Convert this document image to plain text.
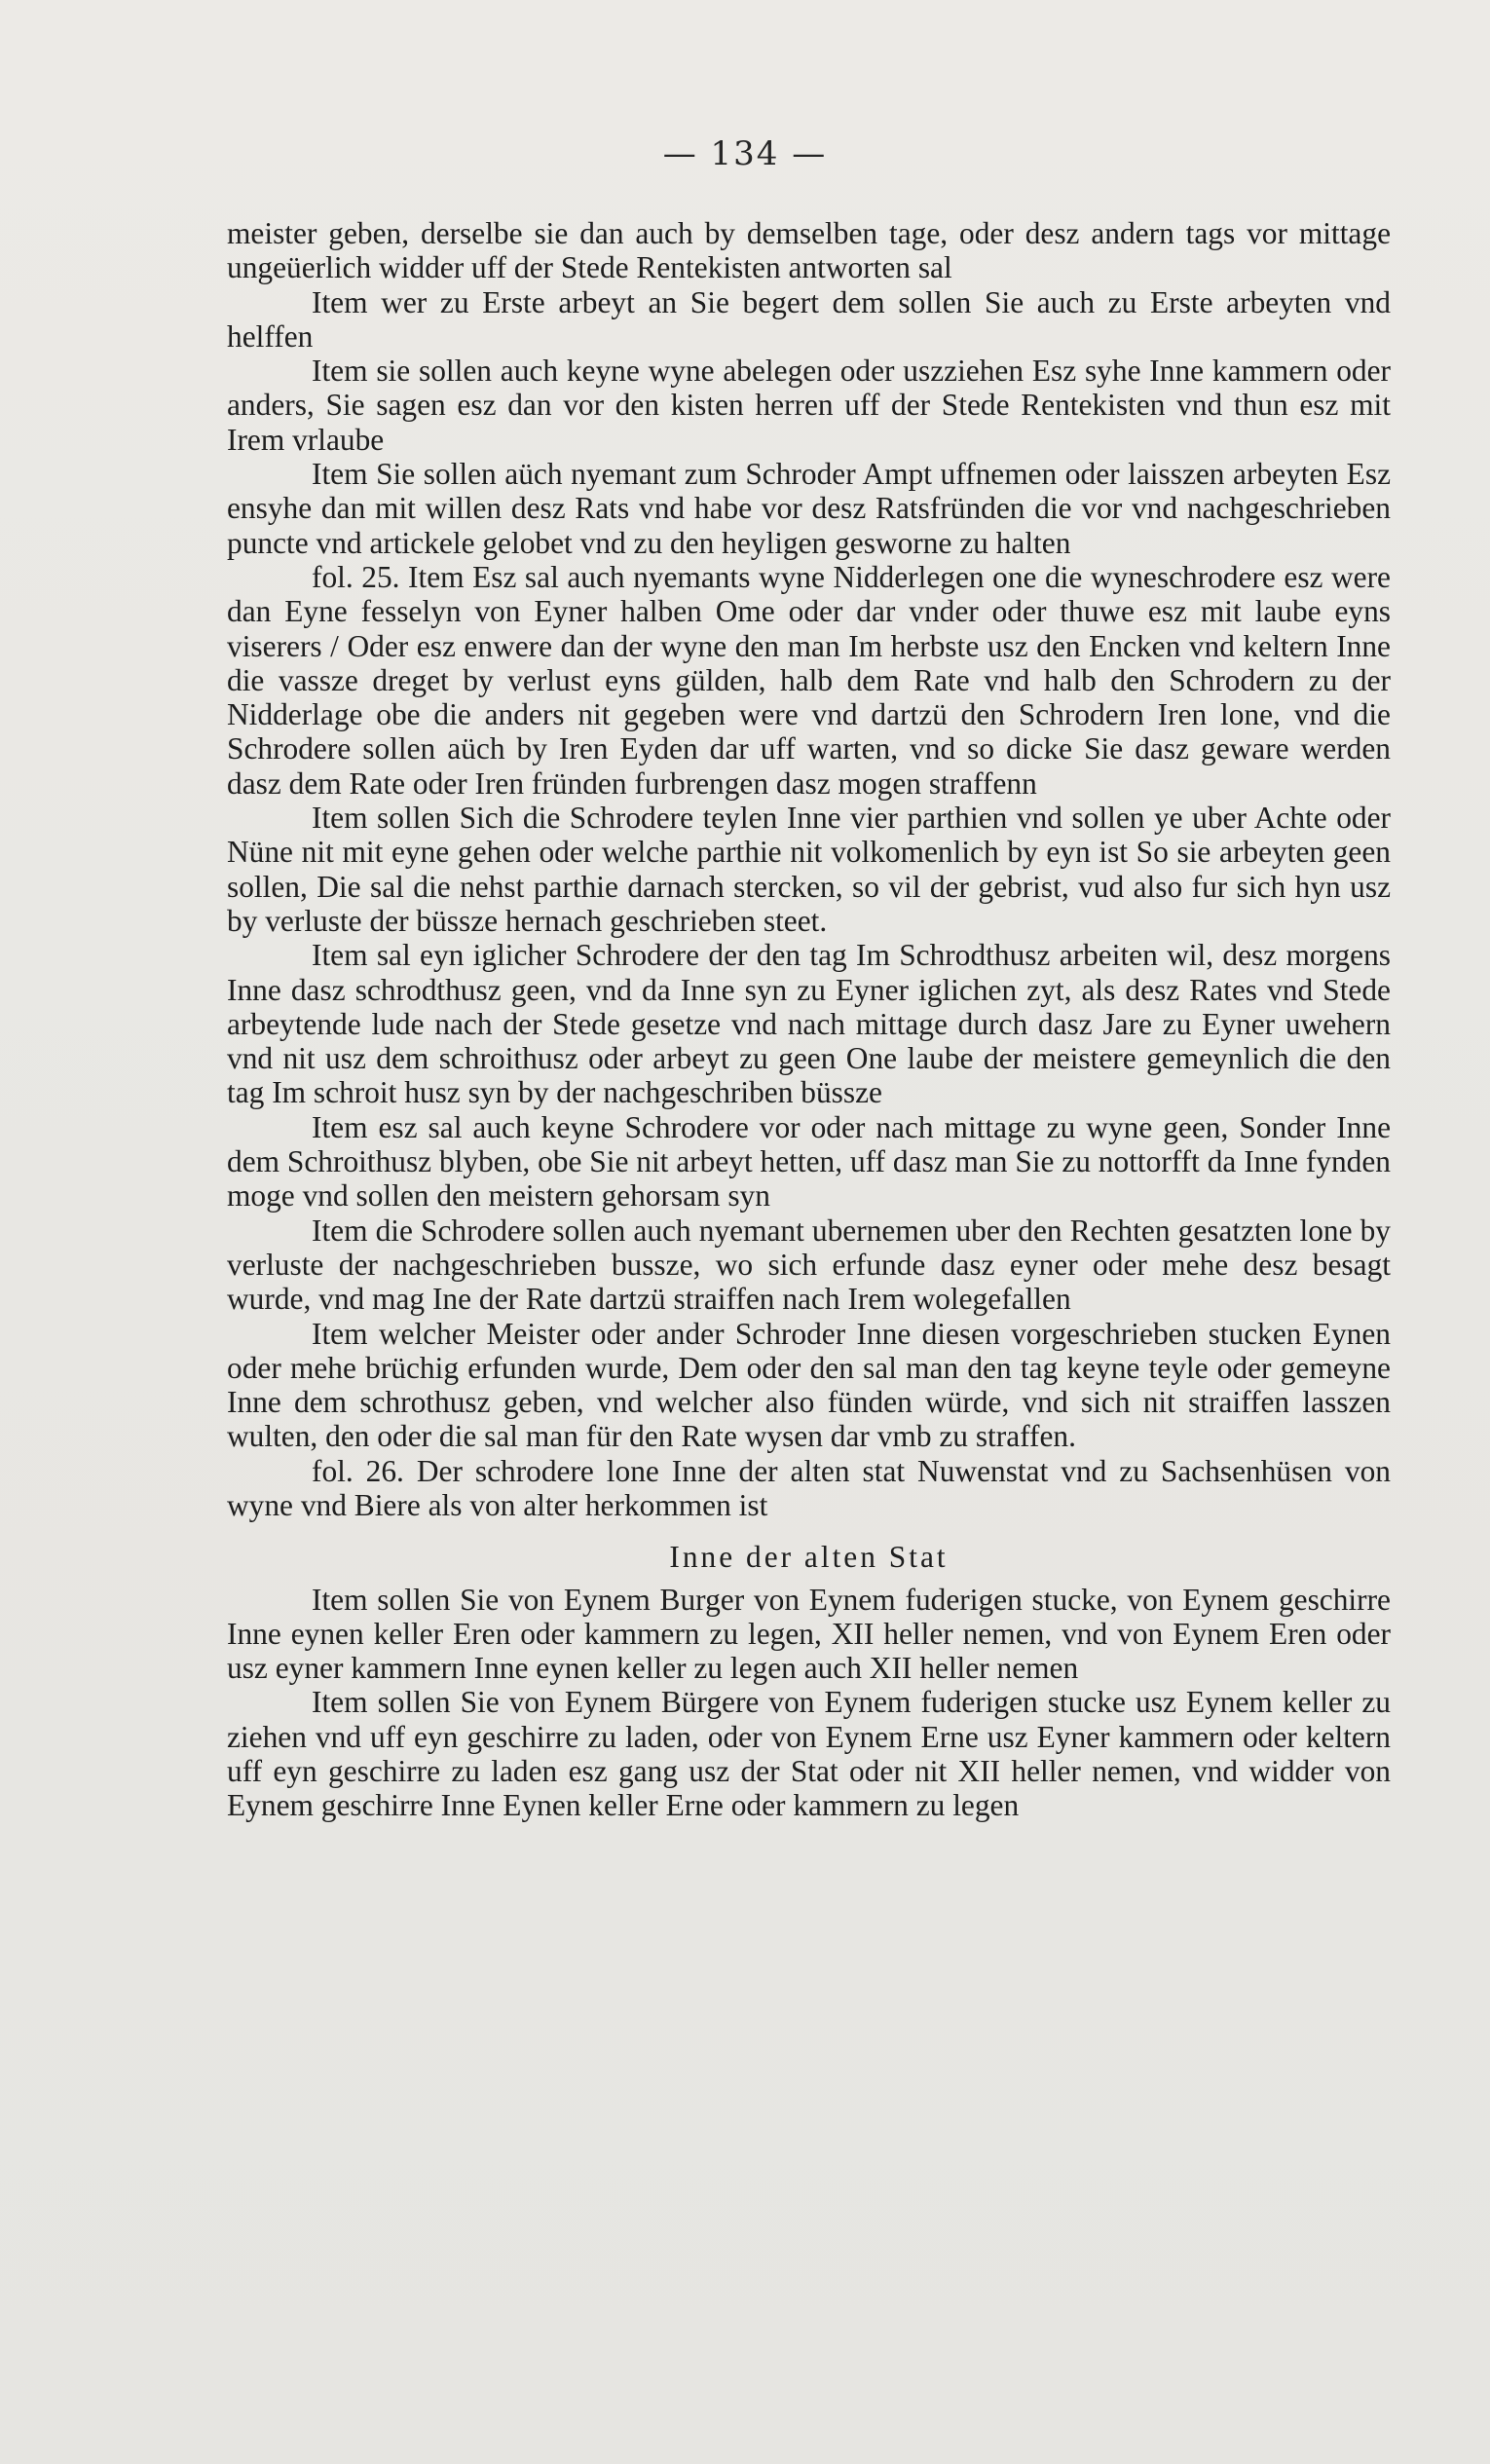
— 134 —

meister geben, derselbe sie dan auch by demselben tage, oder desz andern tags vor mittage ungeüerlich widder uff der Stede Rentekisten antworten sal

Item wer zu Erste arbeyt an Sie begert dem sollen Sie auch zu Erste arbeyten vnd helffen

Item sie sollen auch keyne wyne abelegen oder uszziehen Esz syhe Inne kammern oder anders, Sie sagen esz dan vor den kisten herren uff der Stede Rentekisten vnd thun esz mit Irem vrlaube

Item Sie sollen aüch nyemant zum Schroder Ampt uffnemen oder laisszen arbeyten Esz ensyhe dan mit willen desz Rats vnd habe vor desz Ratsfründen die vor vnd nachgeschrieben puncte vnd artickele gelobet vnd zu den heyligen gesworne zu halten

fol. 25. Item Esz sal auch nyemants wyne Nidderlegen one die wyneschrodere esz were dan Eyne fesselyn von Eyner halben Ome oder dar vnder oder thuwe esz mit laube eyns viserers / Oder esz enwere dan der wyne den man Im herbste usz den Encken vnd keltern Inne die vassze dreget by verlust eyns gülden, halb dem Rate vnd halb den Schrodern zu der Nidderlage obe die anders nit gegeben were vnd dartzü den Schrodern Iren lone, vnd die Schrodere sollen aüch by Iren Eyden dar uff warten, vnd so dicke Sie dasz geware werden dasz dem Rate oder Iren fründen furbrengen dasz mogen straffenn

Item sollen Sich die Schrodere teylen Inne vier parthien vnd sollen ye uber Achte oder Nüne nit mit eyne gehen oder welche parthie nit volkomenlich by eyn ist So sie arbeyten geen sollen, Die sal die nehst parthie darnach stercken, so vil der gebrist, vud also fur sich hyn usz by verluste der büssze hernach geschrieben steet.

Item sal eyn iglicher Schrodere der den tag Im Schrodthusz arbeiten wil, desz morgens Inne dasz schrodthusz geen, vnd da Inne syn zu Eyner iglichen zyt, als desz Rates vnd Stede arbeytende lude nach der Stede gesetze vnd nach mittage durch dasz Jare zu Eyner uwehern vnd nit usz dem schroithusz oder arbeyt zu geen One laube der meistere gemeynlich die den tag Im schroit husz syn by der nachgeschriben büssze

Item esz sal auch keyne Schrodere vor oder nach mittage zu wyne geen, Sonder Inne dem Schroithusz blyben, obe Sie nit arbeyt hetten, uff dasz man Sie zu nottorfft da Inne fynden moge vnd sollen den meistern gehorsam syn

Item die Schrodere sollen auch nyemant ubernemen uber den Rechten gesatzten lone by verluste der nachgeschrieben bussze, wo sich erfunde dasz eyner oder mehe desz besagt wurde, vnd mag Ine der Rate dartzü straiffen nach Irem wolegefallen

Item welcher Meister oder ander Schroder Inne diesen vorgeschrieben stucken Eynen oder mehe brüchig erfunden wurde, Dem oder den sal man den tag keyne teyle oder gemeyne Inne dem schrothusz geben, vnd welcher also fünden würde, vnd sich nit straiffen lasszen wulten, den oder die sal man für den Rate wysen dar vmb zu straffen.

fol. 26. Der schrodere lone Inne der alten stat Nuwenstat vnd zu Sachsenhüsen von wyne vnd Biere als von alter herkommen ist

Inne der alten Stat

Item sollen Sie von Eynem Burger von Eynem fuderigen stucke, von Eynem geschirre Inne eynen keller Eren oder kammern zu legen, XII heller nemen, vnd von Eynem Eren oder usz eyner kammern Inne eynen keller zu legen auch XII heller nemen

Item sollen Sie von Eynem Bürgere von Eynem fuderigen stucke usz Eynem keller zu ziehen vnd uff eyn geschirre zu laden, oder von Eynem Erne usz Eyner kammern oder keltern uff eyn geschirre zu laden esz gang usz der Stat oder nit XII heller nemen, vnd widder von Eynem geschirre Inne Eynen keller Erne oder kammern zu legen
